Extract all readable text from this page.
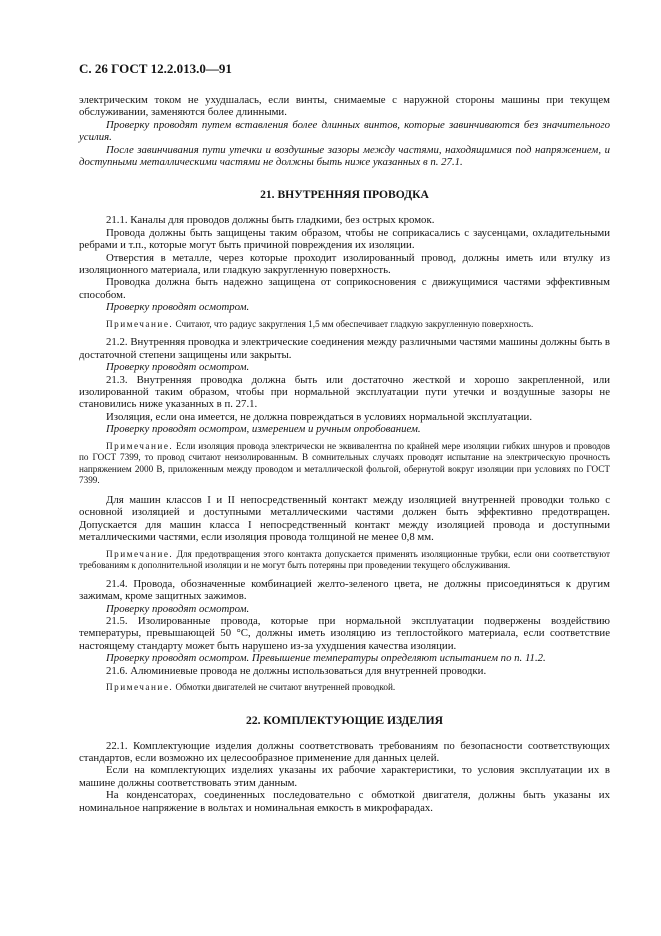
С. 26 ГОСТ 12.2.013.0—91

электрическим током не ухудшалась, если винты, снимаемые с наружной стороны машины при текущем обслуживании, заменяются более длинными.

Проверку проводят путем вставления более длинных винтов, которые завинчиваются без значительного усилия.

После завинчивания пути утечки и воздушные зазоры между частями, находящимися под напряжением, и доступными металлическими частями не должны быть ниже указанных в п. 27.1.

21. ВНУТРЕННЯЯ ПРОВОДКА

21.1. Каналы для проводов должны быть гладкими, без острых кромок.

Провода должны быть защищены таким образом, чтобы не соприкасались с заусенцами, охладительными ребрами и т.п., которые могут быть причиной повреждения их изоляции.

Отверстия в металле, через которые проходит изолированный провод, должны иметь или втулку из изоляционного материала, или гладкую закругленную поверхность.

Проводка должна быть надежно защищена от соприкосновения с движущимися частями эффективным способом.

Проверку проводят осмотром.

Примечание. Считают, что радиус закругления 1,5 мм обеспечивает гладкую закругленную поверхность.

21.2. Внутренняя проводка и электрические соединения между различными частями машины должны быть в достаточной степени защищены или закрыты.

Проверку проводят осмотром.

21.3. Внутренняя проводка должна быть или достаточно жесткой и хорошо закрепленной, или изолированной таким образом, чтобы при нормальной эксплуатации пути утечки и воздушные зазоры не становились ниже указанных в п. 27.1.

Изоляция, если она имеется, не должна повреждаться в условиях нормальной эксплуатации.

Проверку проводят осмотром, измерением и ручным опробованием.

Примечание. Если изоляция провода электрически не эквивалентна по крайней мере изоляции гибких шнуров и проводов по ГОСТ 7399, то провод считают неизолированным. В сомнительных случаях проводят испытание на электрическую прочность напряжением 2000 В, приложенным между проводом и металлической фольгой, обернутой вокруг изоляции при условиях по ГОСТ 7399.

Для машин классов I и II непосредственный контакт между изоляцией внутренней проводки только с основной изоляцией и доступными металлическими частями должен быть эффективно предотвращен. Допускается для машин класса I непосредственный контакт между изоляцией провода и доступными металлическими частями, если изоляция провода толщиной не менее 0,8 мм.

Примечание. Для предотвращения этого контакта допускается применять изоляционные трубки, если они соответствуют требованиям к дополнительной изоляции и не могут быть потеряны при проведении текущего обслуживания.

21.4. Провода, обозначенные комбинацией желто-зеленого цвета, не должны присоединяться к другим зажимам, кроме защитных зажимов.

Проверку проводят осмотром.

21.5. Изолированные провода, которые при нормальной эксплуатации подвержены воздействию температуры, превышающей 50 °С, должны иметь изоляцию из теплостойкого материала, если соответствие настоящему стандарту может быть нарушено из-за ухудшения качества изоляции.

Проверку проводят осмотром. Превышение температуры определяют испытанием по п. 11.2.

21.6. Алюминиевые провода не должны использоваться для внутренней проводки.

Примечание. Обмотки двигателей не считают внутренней проводкой.

22. КОМПЛЕКТУЮЩИЕ ИЗДЕЛИЯ

22.1. Комплектующие изделия должны соответствовать требованиям по безопасности соответствующих стандартов, если возможно их целесообразное применение для данных целей.

Если на комплектующих изделиях указаны их рабочие характеристики, то условия эксплуатации их в машине должны соответствовать этим данным.

На конденсаторах, соединенных последовательно с обмоткой двигателя, должны быть указаны их номинальное напряжение в вольтах и номинальная емкость в микрофарадах.
